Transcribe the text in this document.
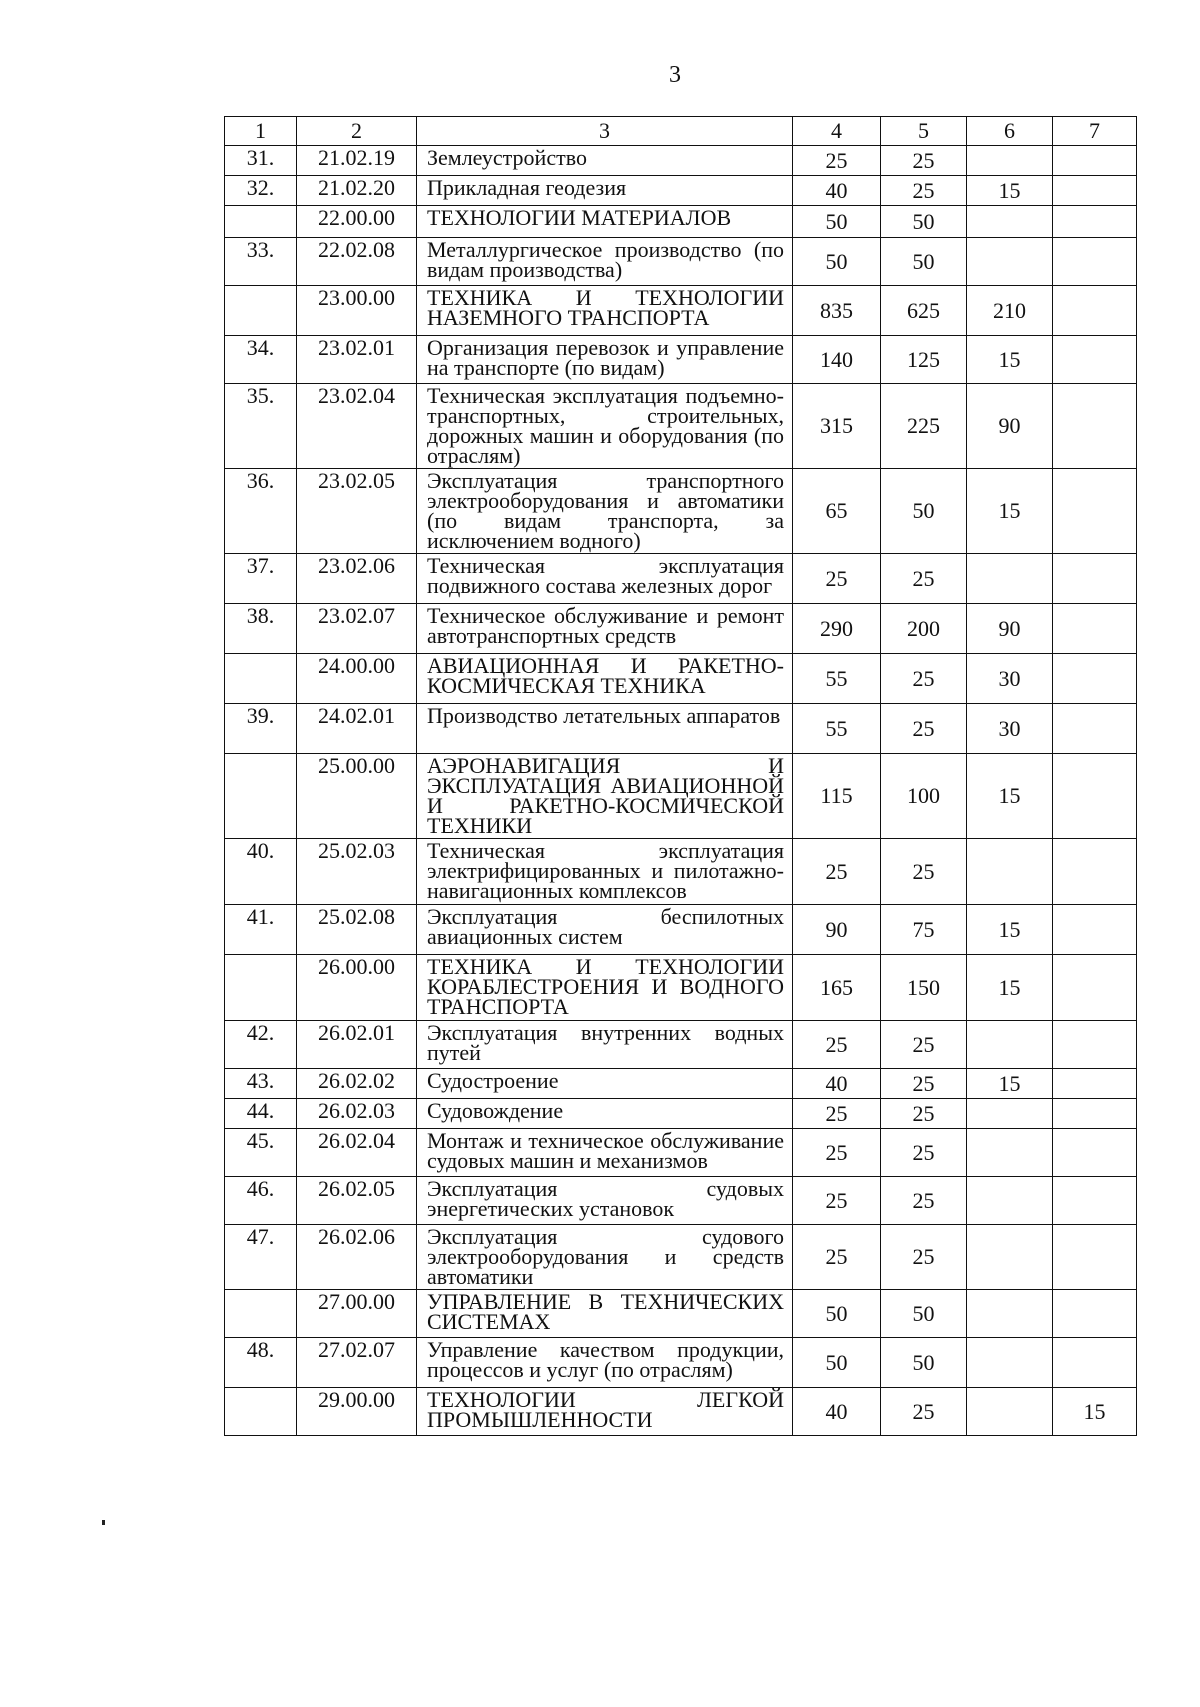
3
1	2	3	4	5	6	7
31.	21.02.19	Землеустройство	25	25		
32.	21.02.20	Прикладная геодезия	40	25	15	
	22.00.00	ТЕХНОЛОГИИ МАТЕРИАЛОВ	50	50		
33.	22.02.08	Металлургическое производство (по видам производства)	50	50		
	23.00.00	ТЕХНИКА И ТЕХНОЛОГИИ НАЗЕМНОГО ТРАНСПОРТА	835	625	210	
34.	23.02.01	Организация перевозок и управление на транспорте (по видам)	140	125	15	
35.	23.02.04	Техническая эксплуатация подъемно-транспортных, строительных, дорожных машин и оборудования (по отраслям)	315	225	90	
36.	23.02.05	Эксплуатация транспортного электрооборудования и автоматики (по видам транспорта, за исключением водного)	65	50	15	
37.	23.02.06	Техническая эксплуатация подвижного состава железных дорог	25	25		
38.	23.02.07	Техническое обслуживание и ремонт автотранспортных средств	290	200	90	
	24.00.00	АВИАЦИОННАЯ И РАКЕТНО-КОСМИЧЕСКАЯ ТЕХНИКА	55	25	30	
39.	24.02.01	Производство летательных аппаратов	55	25	30	
	25.00.00	АЭРОНАВИГАЦИЯ И ЭКСПЛУАТАЦИЯ АВИАЦИОННОЙ И РАКЕТНО-КОСМИЧЕСКОЙ ТЕХНИКИ	115	100	15	
40.	25.02.03	Техническая эксплуатация электрифицированных и пилотажно-навигационных комплексов	25	25		
41.	25.02.08	Эксплуатация беспилотных авиационных систем	90	75	15	
	26.00.00	ТЕХНИКА И ТЕХНОЛОГИИ КОРАБЛЕСТРОЕНИЯ И ВОДНОГО ТРАНСПОРТА	165	150	15	
42.	26.02.01	Эксплуатация внутренних водных путей	25	25		
43.	26.02.02	Судостроение	40	25	15	
44.	26.02.03	Судовождение	25	25		
45.	26.02.04	Монтаж и техническое обслуживание судовых машин и механизмов	25	25		
46.	26.02.05	Эксплуатация судовых энергетических установок	25	25		
47.	26.02.06	Эксплуатация судового электрооборудования и средств автоматики	25	25		
	27.00.00	УПРАВЛЕНИЕ В ТЕХНИЧЕСКИХ СИСТЕМАХ	50	50		
48.	27.02.07	Управление качеством продукции, процессов и услуг (по отраслям)	50	50		
	29.00.00	ТЕХНОЛОГИИ ЛЕГКОЙ ПРОМЫШЛЕННОСТИ	40	25		15
